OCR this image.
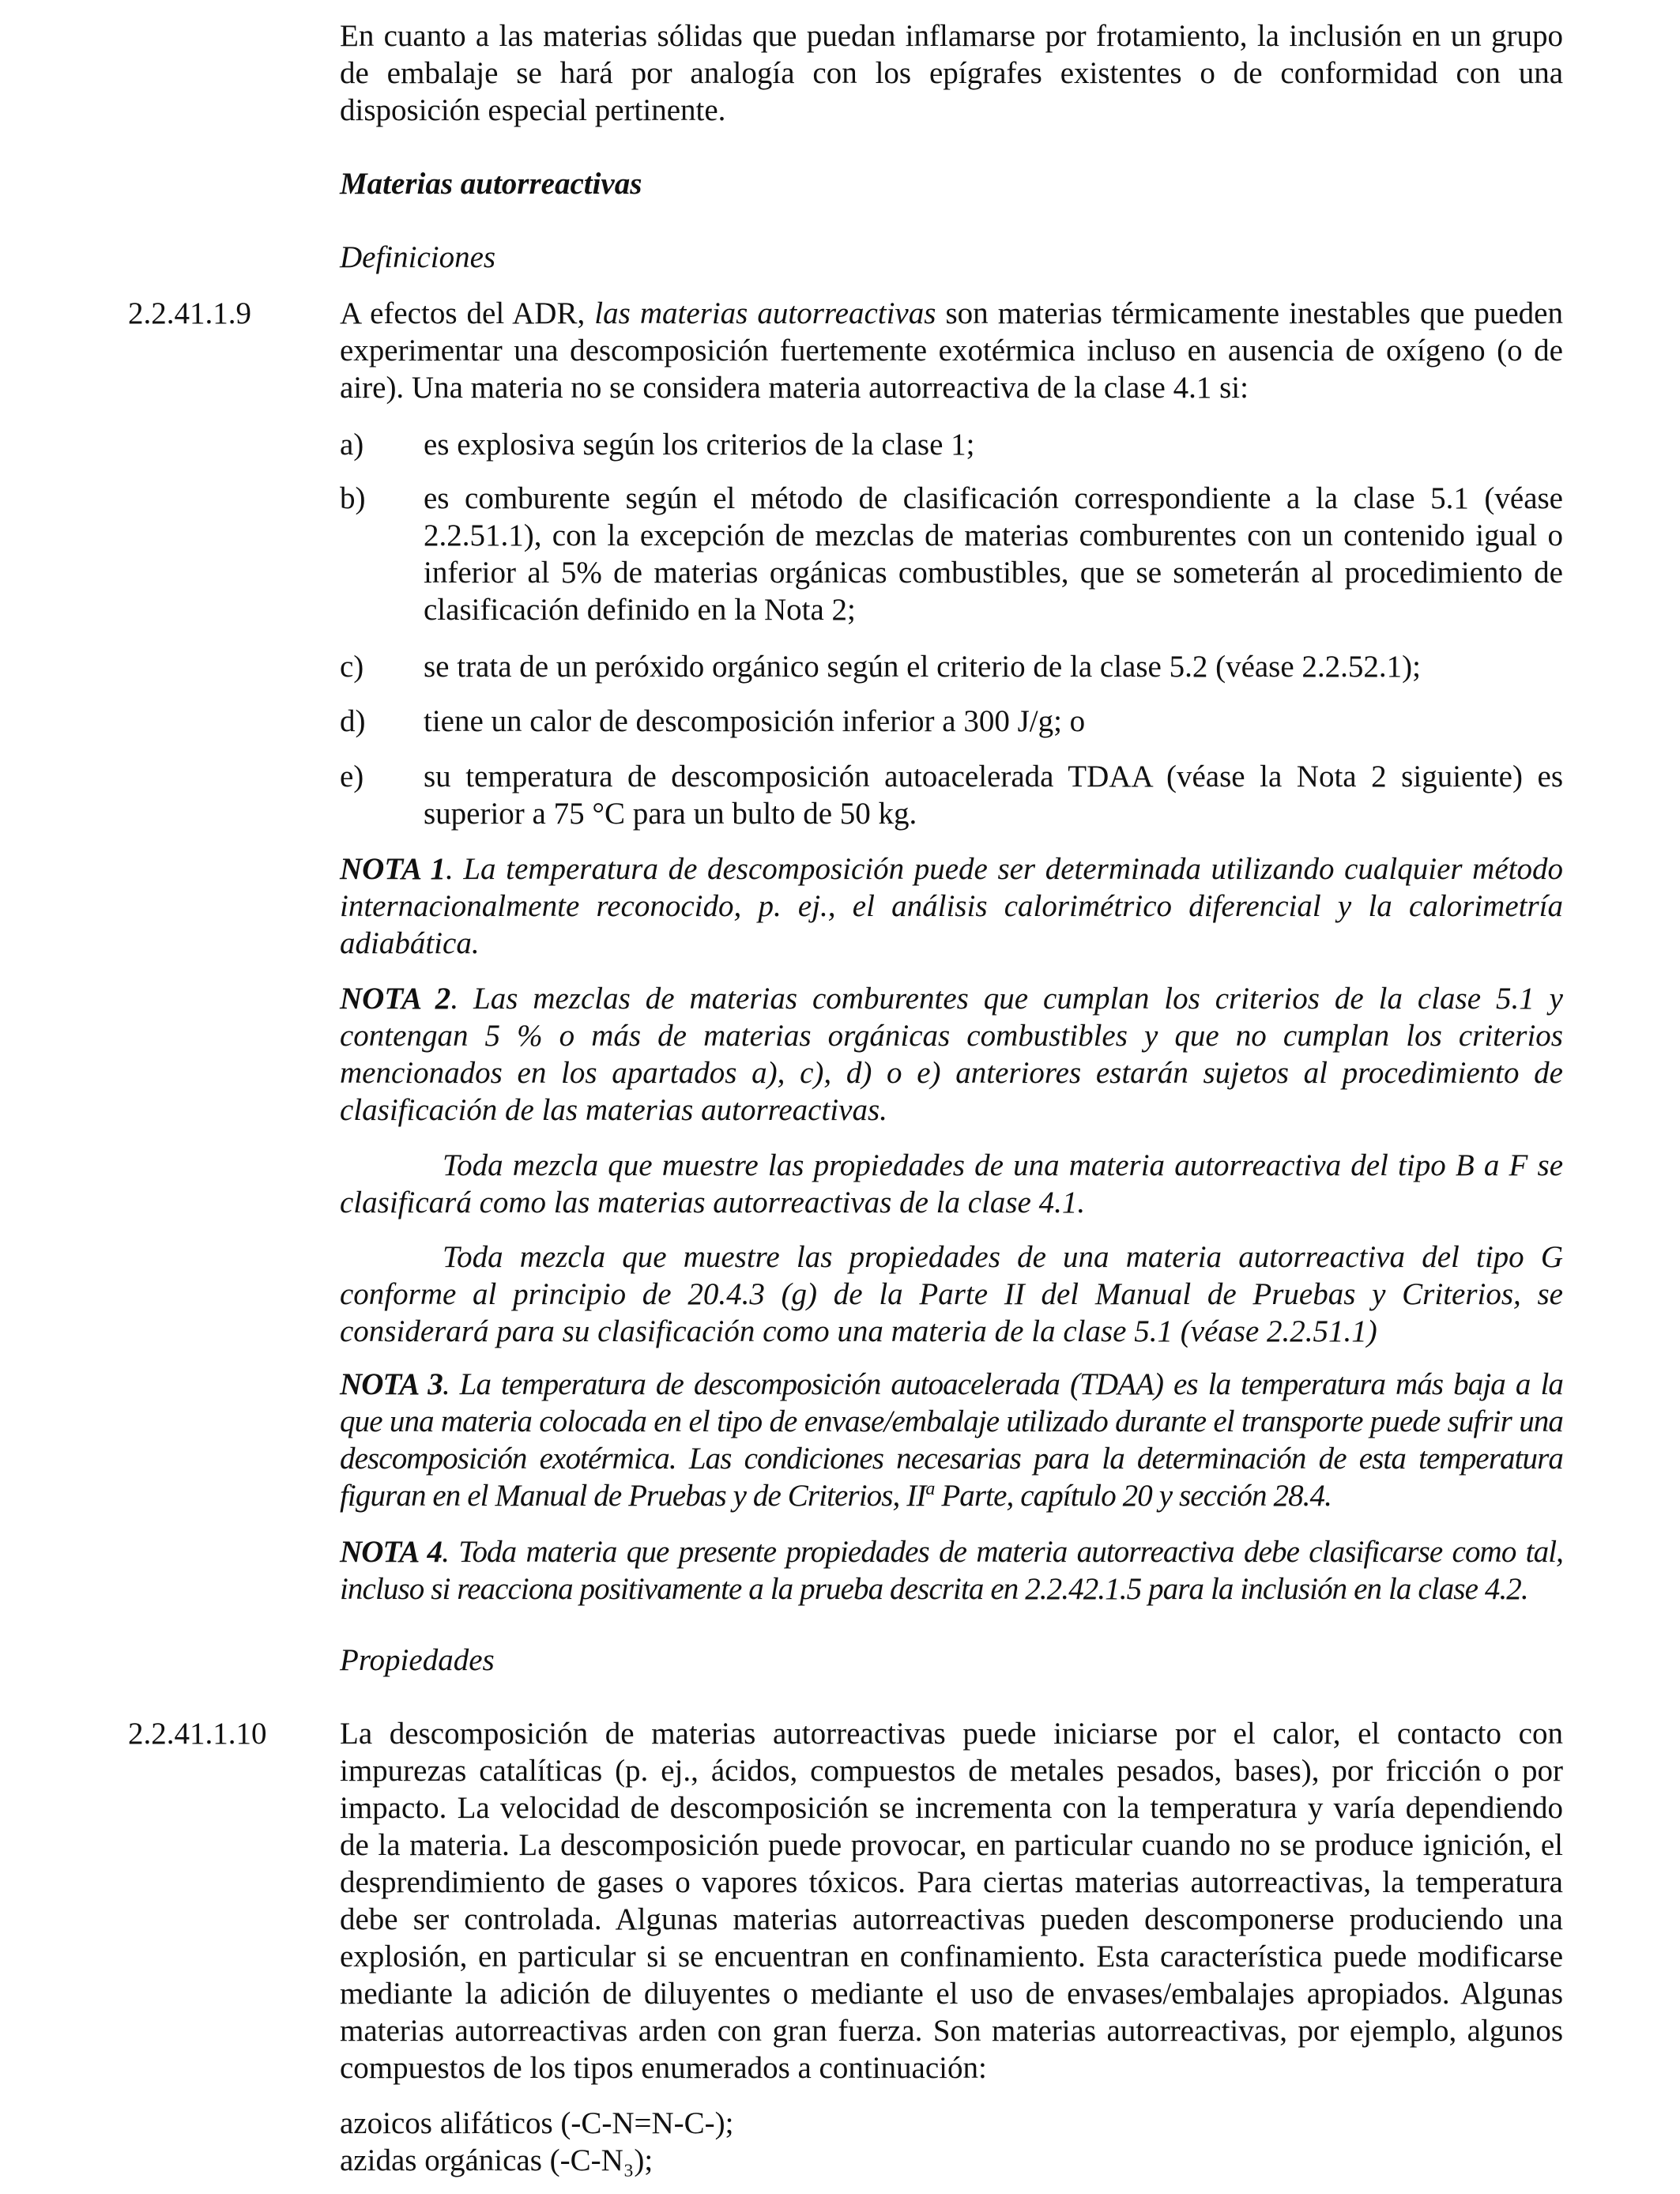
En cuanto a las materias sólidas que puedan inflamarse por frotamiento, la inclusión en un grupo de embalaje se hará por analogía con los epígrafes existentes o de conformidad con una disposición especial pertinente.

Materias autorreactivas

Definiciones

2.2.41.1.9	A efectos del ADR, las materias autorreactivas son materias térmicamente inestables que pueden experimentar una descomposición fuertemente exotérmica incluso en ausencia de oxígeno (o de aire). Una materia no se considera materia autorreactiva de la clase 4.1 si:

a) es explosiva según los criterios de la clase 1;

b) es comburente según el método de clasificación correspondiente a la clase 5.1 (véase 2.2.51.1), con la excepción de mezclas de materias comburentes con un contenido igual o inferior al 5% de materias orgánicas combustibles, que se someterán al procedimiento de clasificación definido en la Nota 2;

c) se trata de un peróxido orgánico según el criterio de la clase 5.2 (véase 2.2.52.1);

d) tiene un calor de descomposición inferior a 300 J/g; o

e) su temperatura de descomposición autoacelerada TDAA (véase la Nota 2 siguiente) es superior a 75 °C para un bulto de 50 kg.

NOTA 1. La temperatura de descomposición puede ser determinada utilizando cualquier método internacionalmente reconocido, p. ej., el análisis calorimétrico diferencial y la calorimetría adiabática.

NOTA 2. Las mezclas de materias comburentes que cumplan los criterios de la clase 5.1 y contengan 5 % o más de materias orgánicas combustibles y que no cumplan los criterios mencionados en los apartados a), c), d) o e) anteriores estarán sujetos al procedimiento de clasificación de las materias autorreactivas.

Toda mezcla que muestre las propiedades de una materia autorreactiva del tipo B a F se clasificará como las materias autorreactivas de la clase 4.1.

Toda mezcla que muestre las propiedades de una materia autorreactiva del tipo G conforme al principio de 20.4.3 (g) de la Parte II del Manual de Pruebas y Criterios, se considerará para su clasificación como una materia de la clase 5.1 (véase 2.2.51.1)

NOTA 3. La temperatura de descomposición autoacelerada (TDAA) es la temperatura más baja a la que una materia colocada en el tipo de envase/embalaje utilizado durante el transporte puede sufrir una descomposición exotérmica. Las condiciones necesarias para la determinación de esta temperatura figuran en el Manual de Pruebas y de Criterios, $II^a$ Parte, capítulo 20 y sección 28.4.

NOTA 4. Toda materia que presente propiedades de materia autorreactiva debe clasificarse como tal, incluso si reacciona positivamente a la prueba descrita en 2.2.42.1.5 para la inclusión en la clase 4.2.

Propiedades

2.2.41.1.10 La descomposición de materias autorreactivas puede iniciarse por el calor, el contacto con impurezas catalíticas (p. ej., ácidos, compuestos de metales pesados, bases), por fricción o por impacto. La velocidad de descomposición se incrementa con la temperatura y varía dependiendo de la materia. La descomposición puede provocar, en particular cuando no se produce ignición, el desprendimiento de gases o vapores tóxicos. Para ciertas materias autorreactivas, la temperatura debe ser controlada. Algunas materias autorreactivas pueden descomponerse produciendo una explosión, en particular si se encuentran en confinamiento. Esta característica puede modificarse mediante la adición de diluyentes o mediante el uso de envases/embalajes apropiados. Algunas materias autorreactivas arden con gran fuerza. Son materias autorreactivas, por ejemplo, algunos compuestos de los tipos enumerados a continuación:

azoicos alifáticos (-C-N=N-C-);

azidas orgánicas (-C-N₃);
